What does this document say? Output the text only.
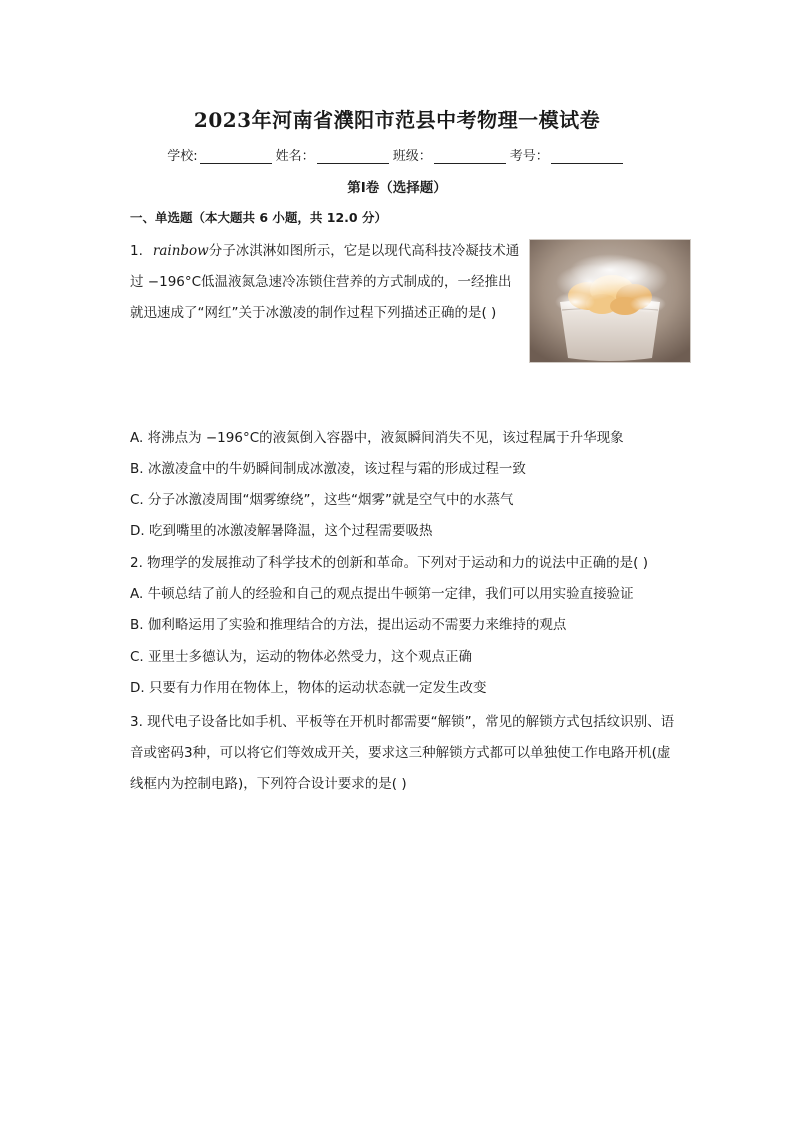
2023年河南省濮阳市范县中考物理一模试卷
学校:	姓名：	班级：	考号：
第Ⅰ卷（选择题）
一、单选题（本大题共 6 小题，共 12.0 分）
1. rainbow分子冰淇淋如图所示，它是以现代高科技冷凝技术通过 −196°C低温液氮急速冷冻锁住营养的方式制成的，一经推出就迅速成了“网红”关于冰激凌的制作过程下列描述正确的是( )
A. 将沸点为 −196°C的液氮倒入容器中，液氮瞬间消失不见，该过程属于升华现象
B. 冰激凌盒中的牛奶瞬间制成冰激凌，该过程与霜的形成过程一致
C. 分子冰激凌周围“烟雾缭绕”，这些“烟雾”就是空气中的水蒸气
D. 吃到嘴里的冰激凌解暑降温，这个过程需要吸热
2. 物理学的发展推动了科学技术的创新和革命。下列对于运动和力的说法中正确的是( )
A. 牛顿总结了前人的经验和自己的观点提出牛顿第一定律，我们可以用实验直接验证
B. 伽利略运用了实验和推理结合的方法，提出运动不需要力来维持的观点
C. 亚里士多德认为，运动的物体必然受力，这个观点正确
D. 只要有力作用在物体上，物体的运动状态就一定发生改变
3. 现代电子设备比如手机、平板等在开机时都需要“解锁”，常见的解锁方式包括纹识别、语音或密码3种，可以将它们等效成开关，要求这三种解锁方式都可以单独使工作电路开机(虚线框内为控制电路)，下列符合设计要求的是( )
